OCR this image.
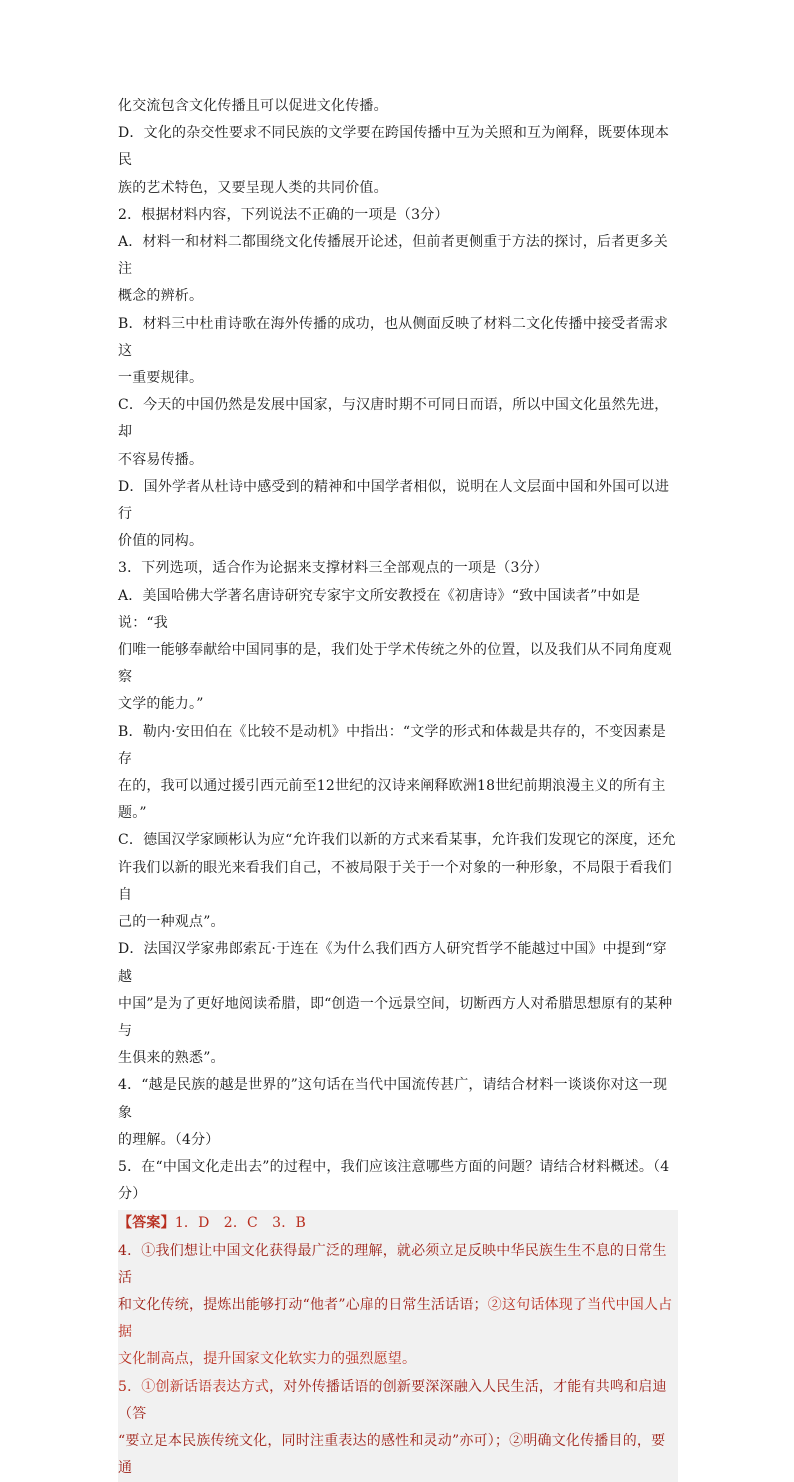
化交流包含文化传播且可以促进文化传播。

D．文化的杂交性要求不同民族的文学要在跨国传播中互为关照和互为阐释，既要体现本民

族的艺术特色，又要呈现人类的共同价值。

2．根据材料内容，下列说法不正确的一项是（3分）

A．材料一和材料二都围绕文化传播展开论述，但前者更侧重于方法的探讨，后者更多关注

概念的辨析。

B．材料三中杜甫诗歌在海外传播的成功，也从侧面反映了材料二文化传播中接受者需求这

一重要规律。

C．今天的中国仍然是发展中国家，与汉唐时期不可同日而语，所以中国文化虽然先进，却

不容易传播。

D．国外学者从杜诗中感受到的精神和中国学者相似，说明在人文层面中国和外国可以进行

价值的同构。

3．下列选项，适合作为论据来支撑材料三全部观点的一项是（3分）

A．美国哈佛大学著名唐诗研究专家宇文所安教授在《初唐诗》“致中国读者”中如是说：“我

们唯一能够奉献给中国同事的是，我们处于学术传统之外的位置，以及我们从不同角度观察

文学的能力。”

B．勒内·安田伯在《比较不是动机》中指出：“文学的形式和体裁是共存的，不变因素是存

在的，我可以通过援引西元前至12世纪的汉诗来阐释欧洲18世纪前期浪漫主义的所有主

题。”

C．德国汉学家顾彬认为应“允许我们以新的方式来看某事，允许我们发现它的深度，还允

许我们以新的眼光来看我们自己，不被局限于关于一个对象的一种形象，不局限于看我们自

己的一种观点”。

D．法国汉学家弗郎索瓦·于连在《为什么我们西方人研究哲学不能越过中国》中提到“穿越

中国”是为了更好地阅读希腊，即“创造一个远景空间，切断西方人对希腊思想原有的某种与

生俱来的熟悉”。

4．“越是民族的越是世界的”这句话在当代中国流传甚广，请结合材料一谈谈你对这一现象

的理解。（4分）

5．在“中国文化走出去”的过程中，我们应该注意哪些方面的问题？请结合材料概述。（4分）

【答案】1．D　2．C　3．B

4．①我们想让中国文化获得最广泛的理解，就必须立足反映中华民族生生不息的日常生活

和文化传统，提炼出能够打动“他者”心扉的日常生活话语；②这句话体现了当代中国人占据

文化制高点，提升国家文化软实力的强烈愿望。

5．①创新话语表达方式，对外传播话语的创新要深深融入人民生活，才能有共鸣和启迪（答

“要立足本民族传统文化，同时注重表达的感性和灵动”亦可）；②明确文化传播目的，要通
